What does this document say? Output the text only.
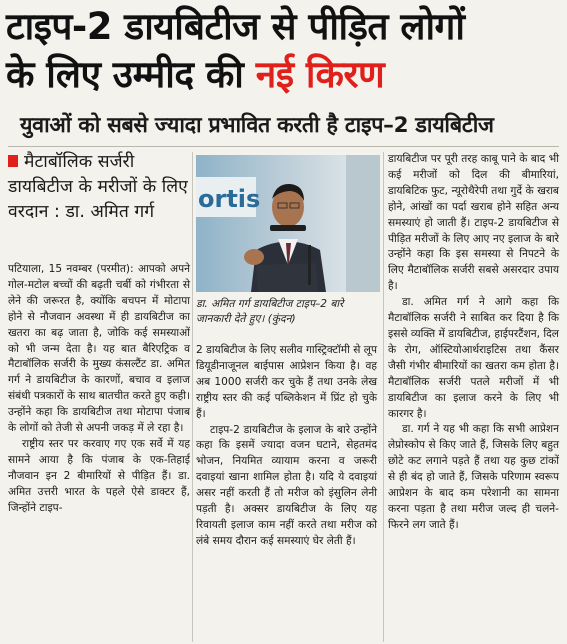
टाइप-2 डायबिटीज से पीड़ित लोगों
के लिए उम्मीद की नई किरण
युवाओं को सबसे ज्यादा प्रभावित करती है टाइप–2 डायबिटीज
मैटाबॉलिक सर्जरी डायबिटीज के मरीजों के लिए वरदान : डा. अमित गर्ग	ortis
डा. अमित गर्ग डायबिटीज टाइप–2 बारे जानकारी देते हुए। (कुंदन)

पटियाला, 15 नवम्बर (परमीत): आपको अपने गोल-मटोल बच्चों की बढ़ती चर्बी को गंभीरता से लेने की जरूरत है, क्योंकि बचपन में मोटापा होने से नौजवान अवस्था में ही डायबिटीज का खतरा का बढ़ जाता है, जोकि कई समस्याओं को भी जन्म देता है। यह बात बैरिएट्रिक व मैटाबॉलिक सर्जरी के मुख्य कंसल्टैंट डा. अमित गर्ग ने डायबिटीज के कारणों, बचाव व इलाज संबंधी पत्रकारों के साथ बातचीत करते हुए कही। उन्होंने कहा कि डायबिटीज तथा मोटापा पंजाब के लोगों को तेजी से अपनी जकड़ में ले रहा है।

राष्ट्रीय स्तर पर करवाए गए एक सर्वे में यह सामने आया है कि पंजाब के एक-तिहाई नौजवान इन 2 बीमारियों से पीड़ित हैं। डा. अमित उत्तरी भारत के पहले ऐसे डाक्टर हैं, जिन्होंने टाइप-

2 डायबिटीज के लिए सलीव गास्ट्रिक्टॉमी से लूप डियूडीनाजूनल बाईपास आप्रेशन किया है। वह अब 1000 सर्जरी कर चुके हैं तथा उनके लेख राष्ट्रीय स्तर की कई पब्लिकेशन में प्रिंट हो चुके हैं।

टाइप-2 डायबिटीज के इलाज के बारे उन्होंने कहा कि इसमें ज्यादा वजन घटाने, सेहतमंद भोजन, नियमित व्यायाम करना व जरूरी दवाइयां खाना शामिल होता है। यदि ये दवाइयां असर नहीं करती हैं तो मरीज को इंसुलिन लेनी पड़ती है। अक्सर डायबिटीज के लिए यह रिवायती इलाज काम नहीं करते तथा मरीज को लंबे समय दौरान कई समस्याएं घेर लेती हैं।

डायबिटीज पर पूरी तरह काबू पाने के बाद भी कई मरीजों को दिल की बीमारियां, डायबिटिक फुट, न्यूरोथैरेपी तथा गुर्दे के खराब होने, आंखों का पर्दा खराब होने सहित अन्य समस्याएं हो जाती हैं। टाइप-2 डायबिटीज से पीड़ित मरीजों के लिए आए नए इलाज के बारे उन्होंने कहा कि इस समस्या से निपटने के लिए मैटाबॉलिक सर्जरी सबसे असरदार उपाय है।

डा. अमित गर्ग ने आगे कहा कि मैटाबॉलिक सर्जरी ने साबित कर दिया है कि इससे व्यक्ति में डायबिटीज, हाईपरटैंशन, दिल के रोग, ऑस्टियोआर्थराइटिस तथा कैंसर जैसी गंभीर बीमारियों का खतरा कम होता है। मैटाबॉलिक सर्जरी पतले मरीजों में भी डायबिटीज का इलाज करने के लिए भी कारगर है।

डा. गर्ग ने यह भी कहा कि सभी आप्रेशन लेप्रोस्कोप से किए जाते हैं, जिसके लिए बहुत छोटे कट लगाने पड़ते हैं तथा यह कुछ टांकों से ही बंद हो जाते हैं, जिसके परिणाम स्वरूप आप्रेशन के बाद कम परेशानी का सामना करना पड़ता है तथा मरीज जल्द ही चलने-फिरने लग जाते हैं।
